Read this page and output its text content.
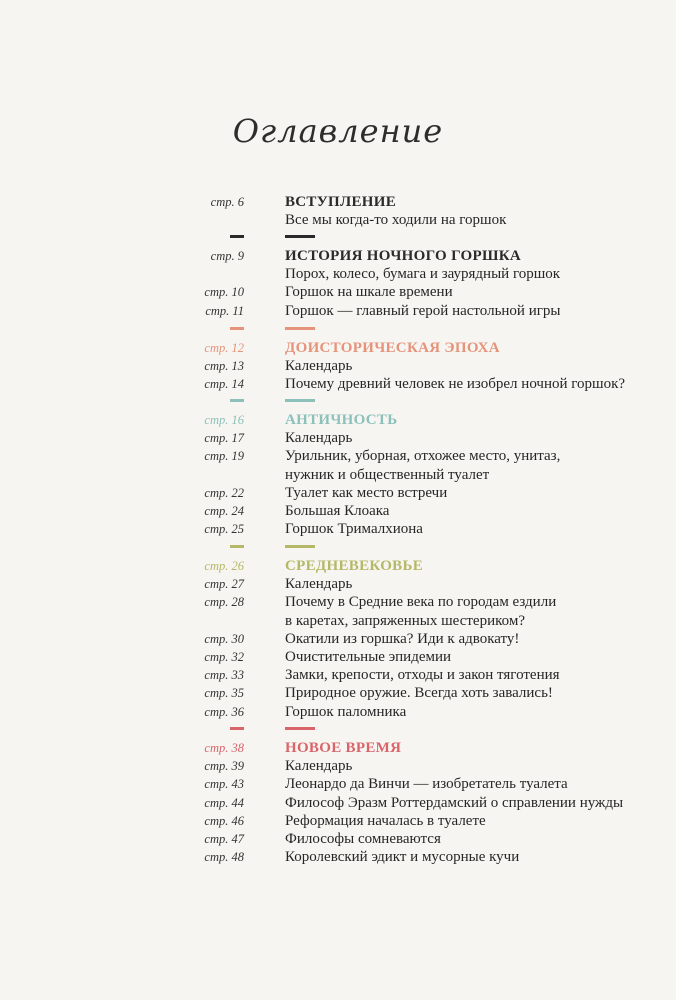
Оглавление
стр. 6	ВСТУПЛЕНИЕ
Все мы когда-то ходили на горшок
стр. 9	ИСТОРИЯ НОЧНОГО ГОРШКА
Порох, колесо, бумага и заурядный горшок
стр. 10	Горшок на шкале времени
стр. 11	Горшок — главный герой настольной игры
стр. 12	ДОИСТОРИЧЕСКАЯ ЭПОХА
стр. 13	Календарь
стр. 14	Почему древний человек не изобрел ночной горшок?
стр. 16	АНТИЧНОСТЬ
стр. 17	Календарь
стр. 19	Урильник, уборная, отхожее место, унитаз,
нужник и общественный туалет
стр. 22	Туалет как место встречи
стр. 24	Большая Клоака
стр. 25	Горшок Трималхиона
стр. 26	СРЕДНЕВЕКОВЬЕ
стр. 27	Календарь
стр. 28	Почему в Средние века по городам ездили
в каретах, запряженных шестериком?
стр. 30	Окатили из горшка? Иди к адвокату!
стр. 32	Очистительные эпидемии
стр. 33	Замки, крепости, отходы и закон тяготения
стр. 35	Природное оружие. Всегда хоть завались!
стр. 36	Горшок паломника
стр. 38	НОВОЕ ВРЕМЯ
стр. 39	Календарь
стр. 43	Леонардо да Винчи — изобретатель туалета
стр. 44	Философ Эразм Роттердамский о справлении нужды
стр. 46	Реформация началась в туалете
стр. 47	Философы сомневаются
стр. 48	Королевский эдикт и мусорные кучи
